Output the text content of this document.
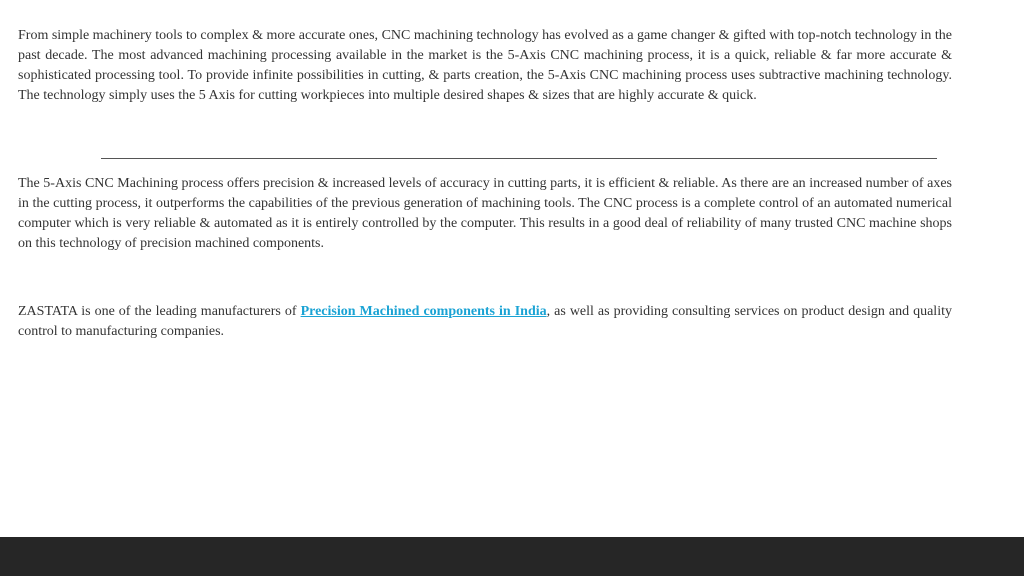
From simple machinery tools to complex & more accurate ones, CNC machining technology has evolved as a game changer & gifted with top-notch technology in the past decade. The most advanced machining processing available in the market is the 5-Axis CNC machining process, it is a quick, reliable & far more accurate & sophisticated processing tool. To provide infinite possibilities in cutting, & parts creation, the 5-Axis CNC machining process uses subtractive machining technology. The technology simply uses the 5 Axis for cutting workpieces into multiple desired shapes & sizes that are highly accurate & quick.

The 5-Axis CNC Machining process offers precision & increased levels of accuracy in cutting parts, it is efficient & reliable. As there are an increased number of axes in the cutting process, it outperforms the capabilities of the previous generation of machining tools. The CNC process is a complete control of an automated numerical computer which is very reliable & automated as it is entirely controlled by the computer. This results in a good deal of reliability of many trusted CNC machine shops on this technology of precision machined components.

ZASTATA is one of the leading manufacturers of Precision Machined components in India, as well as providing consulting services on product design and quality control to manufacturing companies.
